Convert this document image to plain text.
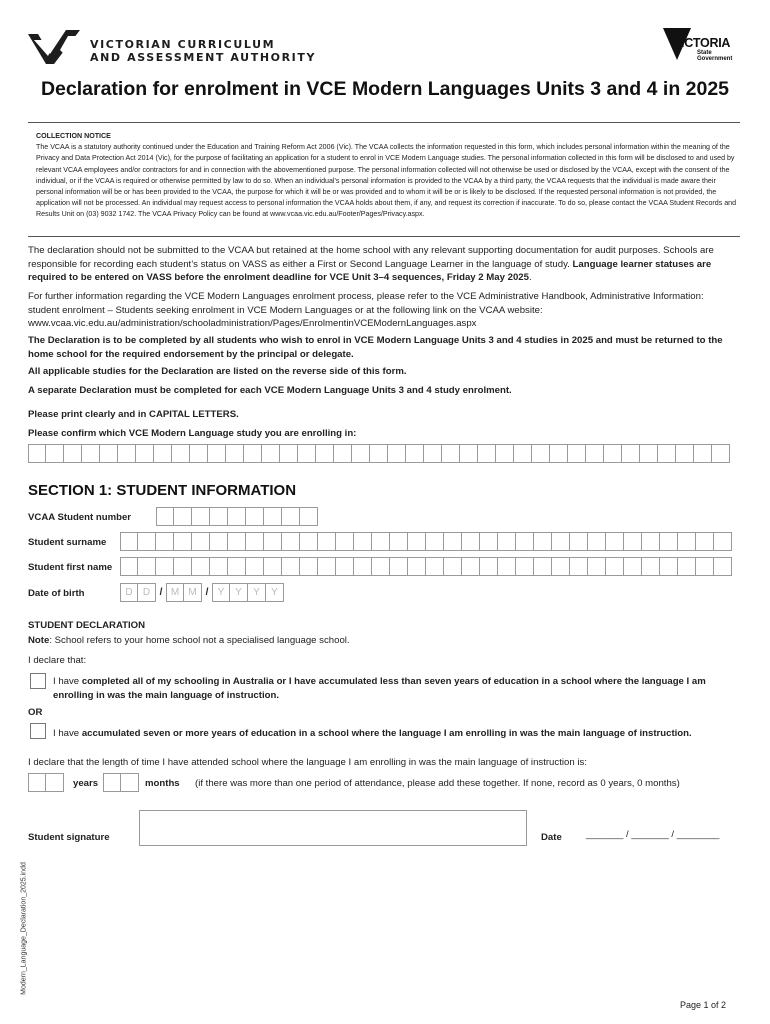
VICTORIAN CURRICULUM
AND ASSESSMENT AUTHORITY
VICTORIA
State
Government
Declaration for enrolment in VCE Modern Languages Units 3 and 4 in 2025
COLLECTION NOTICE
The VCAA is a statutory authority continued under the Education and Training Reform Act 2006 (Vic). The VCAA collects the information requested in this form, which includes personal information within the meaning of the Privacy and Data Protection Act 2014 (Vic), for the purpose of facilitating an application for a student to enrol in VCE Modern Language studies. The personal information collected in this form will be disclosed to and used by relevant VCAA employees and/or contractors for and in connection with the abovementioned purpose. The personal information collected will not otherwise be used or disclosed by the VCAA, except with the consent of the individual, or if the VCAA is required or otherwise permitted by law to do so. When an individual's personal information is provided to the VCAA by a third party, the VCAA requests that the individual is made aware their personal information will be or has been provided to the VCAA, the purpose for which it will be or was provided and to whom it will be or is likely to be disclosed. If the requested personal information is not provided, the application will not be processed. An individual may request access to personal information the VCAA holds about them, if any, and request its correction if inaccurate. To do so, please contact the VCAA Student Records and Results Unit on (03) 9032 1742. The VCAA Privacy Policy can be found at www.vcaa.vic.edu.au/Footer/Pages/Privacy.aspx.
The declaration should not be submitted to the VCAA but retained at the home school with any relevant supporting documentation for audit purposes. Schools are responsible for recording each student’s status on VASS as either a First or Second Language Learner in the language of study. Language learner statuses are required to be entered on VASS before the enrolment deadline for VCE Unit 3–4 sequences, Friday 2 May 2025.
For further information regarding the VCE Modern Languages enrolment process, please refer to the VCE Administrative Handbook, Administrative Information: student enrolment – Students seeking enrolment in VCE Modern Languages or at the following link on the VCAA website: www.vcaa.vic.edu.au/administration/schooladministration/Pages/EnrolmentinVCEModernLanguages.aspx
The Declaration is to be completed by all students who wish to enrol in VCE Modern Language Units 3 and 4 studies in 2025 and must be returned to the home school for the required endorsement by the principal or delegate.
All applicable studies for the Declaration are listed on the reverse side of this form.
A separate Declaration must be completed for each VCE Modern Language Units 3 and 4 study enrolment.
Please print clearly and in CAPITAL LETTERS.
Please confirm which VCE Modern Language study you are enrolling in:
SECTION 1: STUDENT INFORMATION
VCAA Student number
Student surname
Student first name
Date of birth	D	D / M M / Y	Y	Y	Y
STUDENT DECLARATION
Note: School refers to your home school not a specialised language school.
I declare that:
I have completed all of my schooling in Australia or I have accumulated less than seven years of education in a school where the language I am enrolling in was the main language of instruction.
OR
I have accumulated seven or more years of education in a school where the language I am enrolling in was the main language of instruction.
I declare that the length of time I have attended school where the language I am enrolling in was the main language of instruction is:
years	months (if there was more than one period of attendance, please add these together. If none, record as 0 years, 0 months)
Student signature	Date	_______ / _______ / ________
Modern_Language_Declaration_2025.indd
Page 1 of 2
